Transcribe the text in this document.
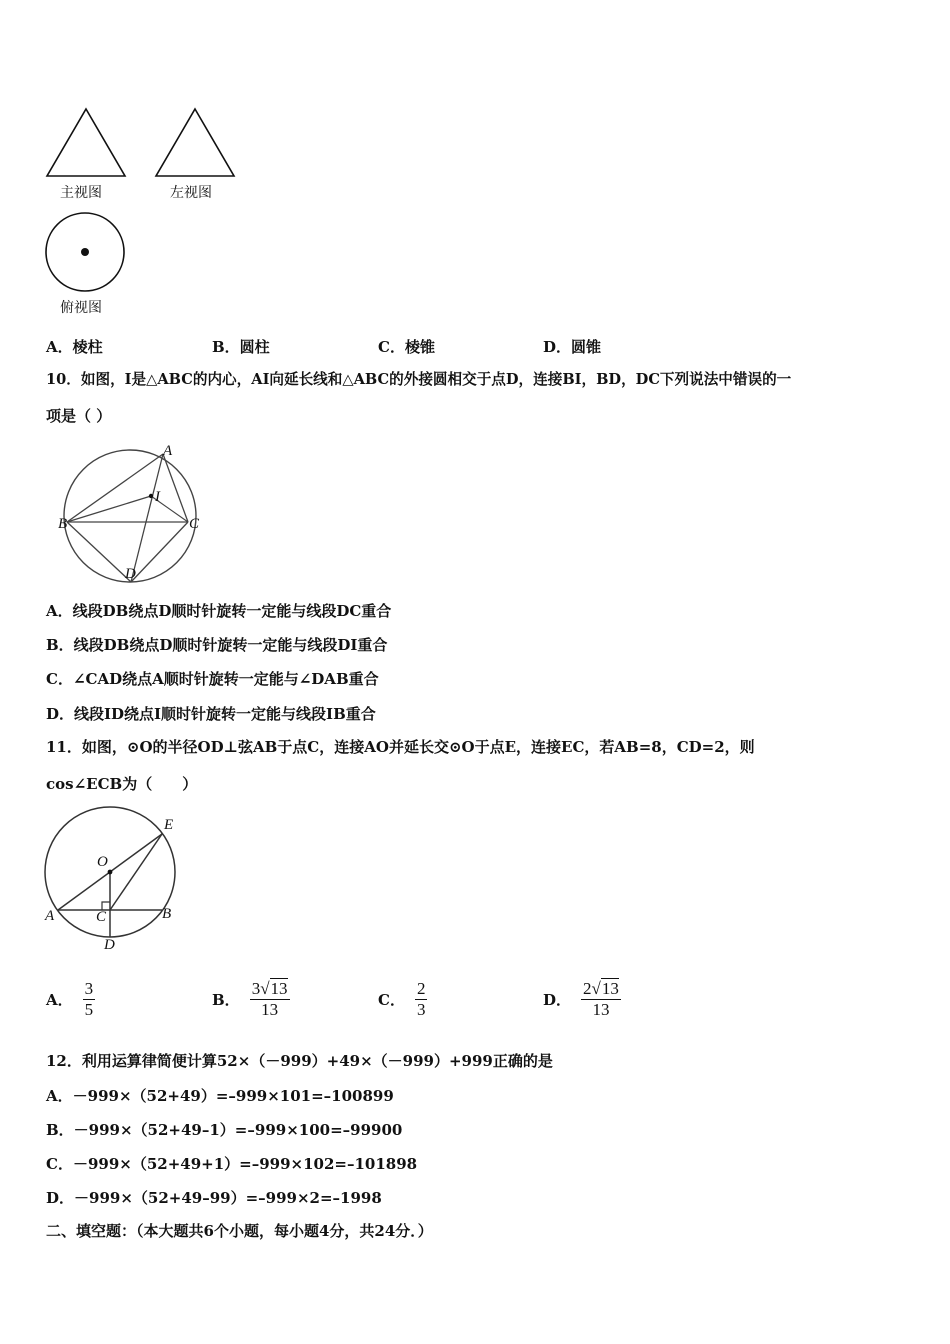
主视图	左视图
俯视图
A．棱柱	B．圆柱	C．棱锥	D．圆锥
10．如图，I是△ABC的内心，AI向延长线和△ABC的外接圆相交于点D，连接BI，BD，DC下列说法中错误的一
项是（ ）
A
I
B	C
D
A．线段DB绕点D顺时针旋转一定能与线段DC重合
B．线段DB绕点D顺时针旋转一定能与线段DI重合
C．∠CAD绕点A顺时针旋转一定能与∠DAB重合
D．线段ID绕点I顺时针旋转一定能与线段IB重合
11．如图，⊙O的半径OD⊥弦AB于点C，连接AO并延长交⊙O于点E，连接EC，若AB=8，CD=2，则
cos∠ECB为（　　）
E
O
A	C	B
D
A． $\frac{3}{5}$	B． $\frac{3√13}{13}$	C． $\frac{2}{3}$	D． $\frac{2√13}{13}$
12．利用运算律简便计算52×（－999）+49×（－999）+999正确的是
A．－999×（52+49）=–999×101=–100899
B．－999×（52+49–1）=–999×100=–99900
C．－999×（52+49+1）=–999×102=–101898
D．－999×（52+49–99）=–999×2=–1998
二、填空题：（本大题共6个小题，每小题4分，共24分．）
